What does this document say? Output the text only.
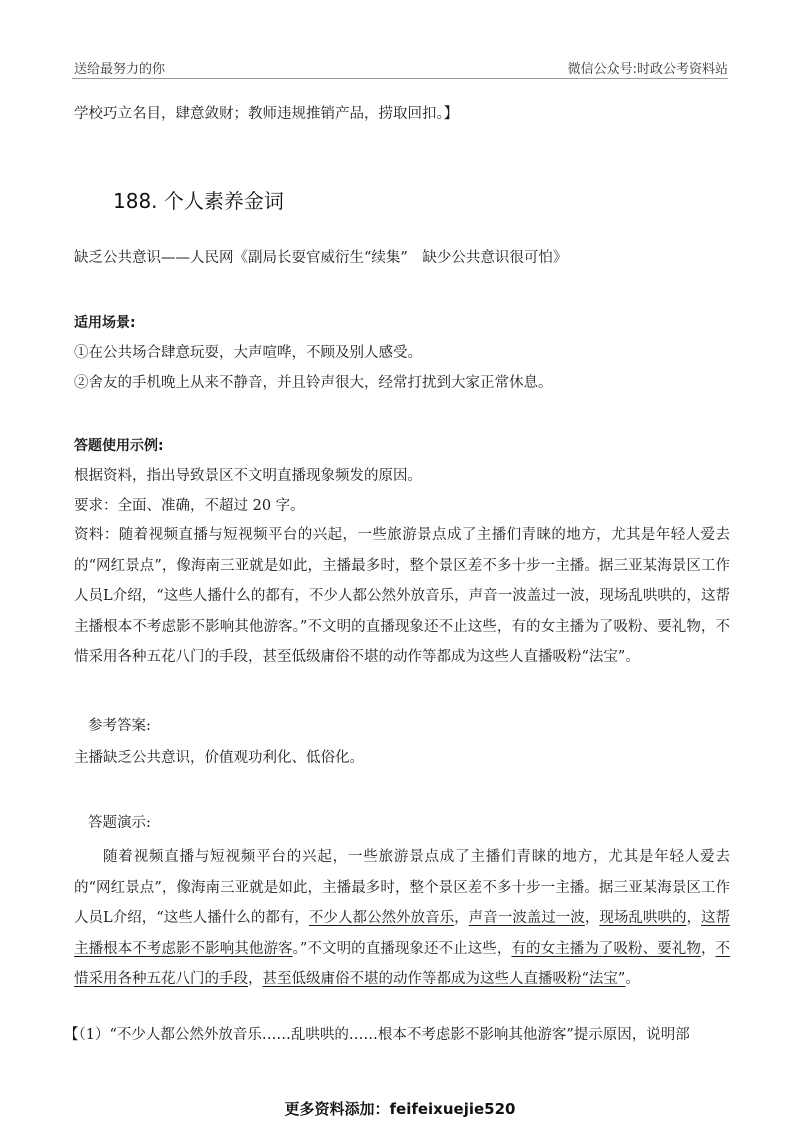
送给最努力的你	微信公众号:时政公考资料站
学校巧立名目，肆意敛财；教师违规推销产品，捞取回扣。】
188. 个人素养金词
缺乏公共意识——人民网《副局长耍官威衍生“续集”　缺少公共意识很可怕》
适用场景:
①在公共场合肆意玩耍，大声喧哗，不顾及别人感受。
②舍友的手机晚上从来不静音，并且铃声很大，经常打扰到大家正常休息。
答题使用示例:
根据资料，指出导致景区不文明直播现象频发的原因。
要求：全面、准确，不超过 20 字。
资料：随着视频直播与短视频平台的兴起，一些旅游景点成了主播们青睐的地方，尤其是年轻人爱去的“网红景点”，像海南三亚就是如此，主播最多时，整个景区差不多十步一主播。据三亚某海景区工作人员L介绍，“这些人播什么的都有，不少人都公然外放音乐，声音一波盖过一波，现场乱哄哄的，这帮主播根本不考虑影不影响其他游客。”不文明的直播现象还不止这些，有的女主播为了吸粉、要礼物，不惜采用各种五花八门的手段，甚至低级庸俗不堪的动作等都成为这些人直播吸粉“法宝”。
参考答案:
主播缺乏公共意识，价值观功利化、低俗化。
答题演示:
随着视频直播与短视频平台的兴起，一些旅游景点成了主播们青睐的地方，尤其是年轻人爱去的“网红景点”，像海南三亚就是如此，主播最多时，整个景区差不多十步一主播。据三亚某海景区工作人员L介绍，“这些人播什么的都有，不少人都公然外放音乐，声音一波盖过一波，现场乱哄哄的，这帮主播根本不考虑影不影响其他游客。”不文明的直播现象还不止这些，有的女主播为了吸粉、要礼物，不惜采用各种五花八门的手段，甚至低级庸俗不堪的动作等都成为这些人直播吸粉“法宝”。
【（1）“不少人都公然外放音乐……乱哄哄的……根本不考虑影不影响其他游客”提示原因，说明部
更多资料添加：feifeixuejie520
